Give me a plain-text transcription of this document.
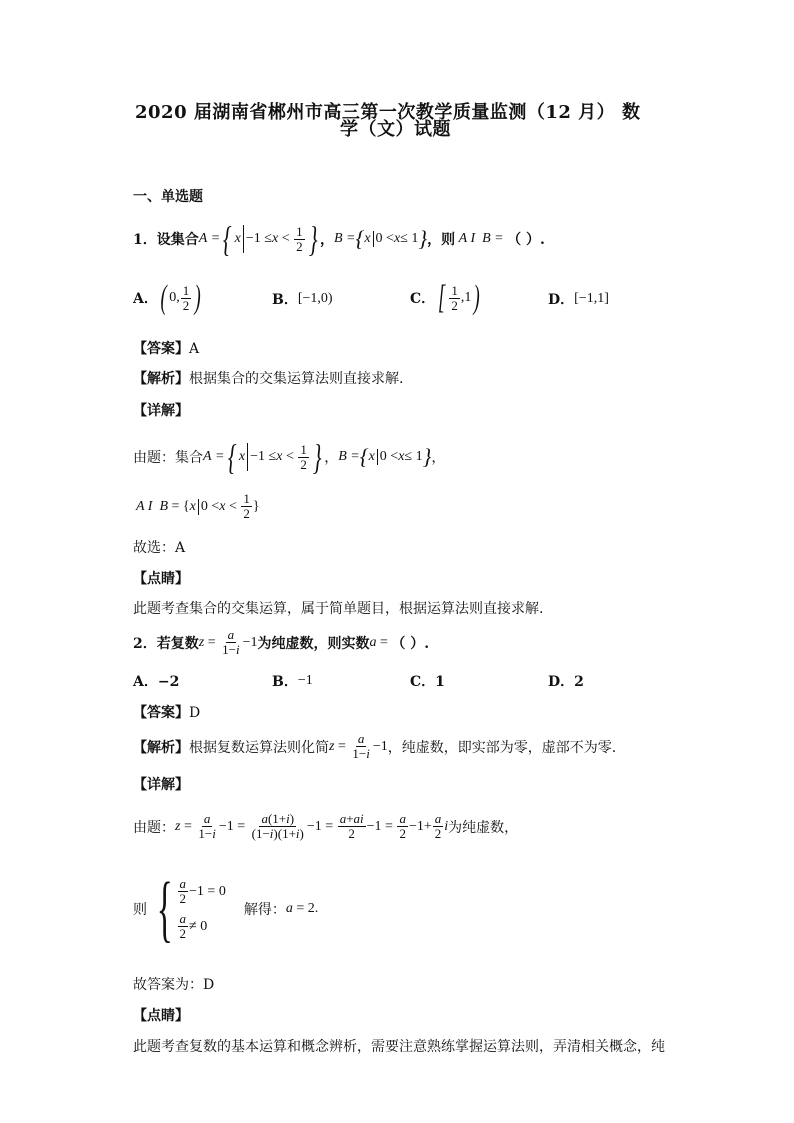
2020 届湖南省郴州市高三第一次教学质量监测（12 月） 数
学（文）试题
一、单选题
1．设集合 A = { $x -1 \le x < \frac{1}{2}$ } ， B = { x 0 < x ≤ 1 } ，则 A I  B = （ ）.
A． ( 0, $\frac{1}{2}$ )	B． [−1,0)	C． [ $\frac{1}{2} ,1$ )	D． [−1,1]
【答案】A
【解析】根据集合的交集运算法则直接求解.
【详解】
由题：集合 A = { $x -1 \le x < \frac{1}{2}$ } ， B = { x 0 < x ≤ 1 } ，
A I  B = { x $0 < x < \frac{1}{2}$ }
故选：A
【点睛】
此题考查集合的交集运算，属于简单题目，根据运算法则直接求解.
2．若复数 $z = \frac{a}{1-i} -1$ 为纯虚数，则实数 a = （ ）.
A．−2	B． −1	C．1	D．2
【答案】D
【解析】 根据复数运算法则化简 $z = \frac{a}{1-i} -1$ ，纯虚数，即实部为零，虚部不为零.
【详解】
由题： $z = \frac{a}{1-i} -1 = \frac{a(1+i)}{(1-i)(1+i)} -1 = \frac{a+ai}{2} -1 = \frac{a}{2} -1+ \frac{a}{2}$ i 为纯虚数，
则 { $\frac{a}{2} -1 = 0$
$\frac{a}{2} \ne 0$
解得： a = 2.
故答案为：D
【点睛】
此题考查复数的基本运算和概念辨析，需要注意熟练掌握运算法则，弄清相关概念，纯
